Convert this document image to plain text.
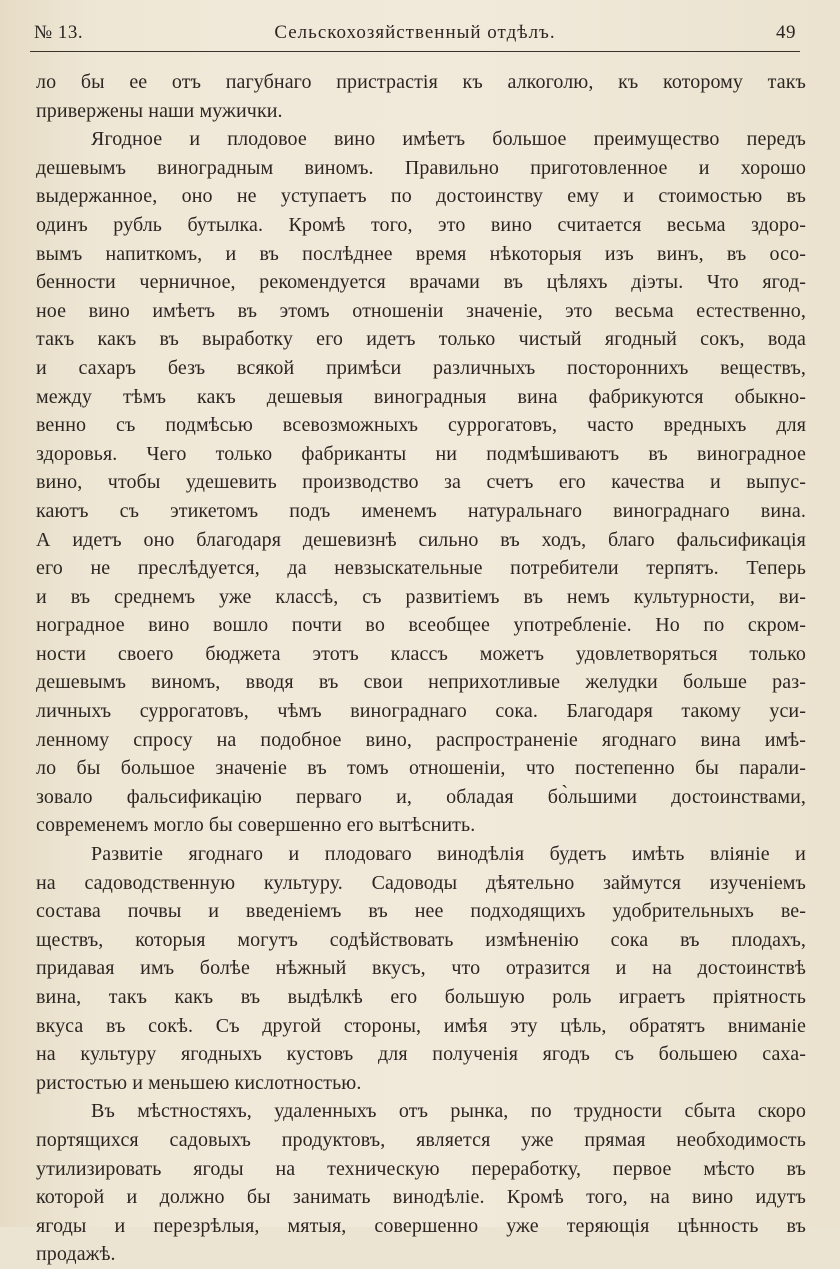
№ 13.	Сельскохозяйственный отдѣлъ.	49

ло бы ее отъ пагубнаго пристрастія къ алкоголю, къ которому такъ
привержены наши мужички.

Ягодное и плодовое вино имѣетъ большое преимущество передъ
дешевымъ виноградным виномъ. Правильно приготовленное и хорошо
выдержанное, оно не уступаетъ по достоинству ему и стоимостью въ
одинъ рубль бутылка. Кромѣ того, это вино считается весьма здоро-
вымъ напиткомъ, и въ послѣднее время нѣкоторыя изъ винъ, въ осо-
бенности черничное, рекомендуется врачами въ цѣляхъ діэты. Что ягод-
ное вино имѣетъ въ этомъ отношеніи значеніе, это весьма естественно,
такъ какъ въ выработку его идетъ только чистый ягодный сокъ, вода
и сахаръ безъ всякой примѣси различныхъ постороннихъ веществъ,
между тѣмъ какъ дешевыя виноградныя вина фабрикуются обыкно-
венно съ подмѣсью всевозможныхъ суррогатовъ, часто вредныхъ для
здоровья. Чего только фабриканты ни подмѣшиваютъ въ виноградное
вино, чтобы удешевить производство за счетъ его качества и выпус-
каютъ съ этикетомъ подъ именемъ натуральнаго винограднаго вина.
А идетъ оно благодаря дешевизнѣ сильно въ ходъ, благо фальсификація
его не преслѣдуется, да невзыскательные потребители терпятъ. Теперь
и въ среднемъ уже классѣ, съ развитіемъ въ немъ культурности, ви-
ноградное вино вошло почти во всеобщее употребленіе. Но по скром-
ности своего бюджета этотъ классъ можетъ удовлетворяться только
дешевымъ виномъ, вводя въ свои неприхотливые желудки больше раз-
личныхъ суррогатовъ, чѣмъ винограднаго сока. Благодаря такому уси-
ленному спросу на подобное вино, распространеніе ягоднаго вина имѣ-
ло бы большое значеніе въ томъ отношеніи, что постепенно бы парали-
зовало фальсификацію перваго и, обладая бо̀льшими достоинствами,
современемъ могло бы совершенно его вытѣснить.

Развитіе ягоднаго и плодоваго винодѣлія будетъ имѣть вліяніе и
на садоводственную культуру. Садоводы дѣятельно займутся изученіемъ
состава почвы и введеніемъ въ нее подходящихъ удобрительныхъ ве-
ществъ, которыя могутъ содѣйствовать измѣненію сока въ плодахъ,
придавая имъ болѣе нѣжный вкусъ, что отразится и на достоинствѣ
вина, такъ какъ въ выдѣлкѣ его большую роль играетъ пріятность
вкуса въ сокѣ. Съ другой стороны, имѣя эту цѣль, обратятъ вниманіе
на культуру ягодныхъ кустовъ для полученія ягодъ съ большею саха-
ристостью и меньшею кислотностью.

Въ мѣстностяхъ, удаленныхъ отъ рынка, по трудности сбыта скоро
портящихся садовыхъ продуктовъ, является уже прямая необходимость
утилизировать ягоды на техническую переработку, первое мѣсто въ
которой и должно бы занимать винодѣліе. Кромѣ того, на вино идутъ
ягоды и перезрѣлыя, мятыя, совершенно уже теряющія цѣнность въ
продажѣ.
